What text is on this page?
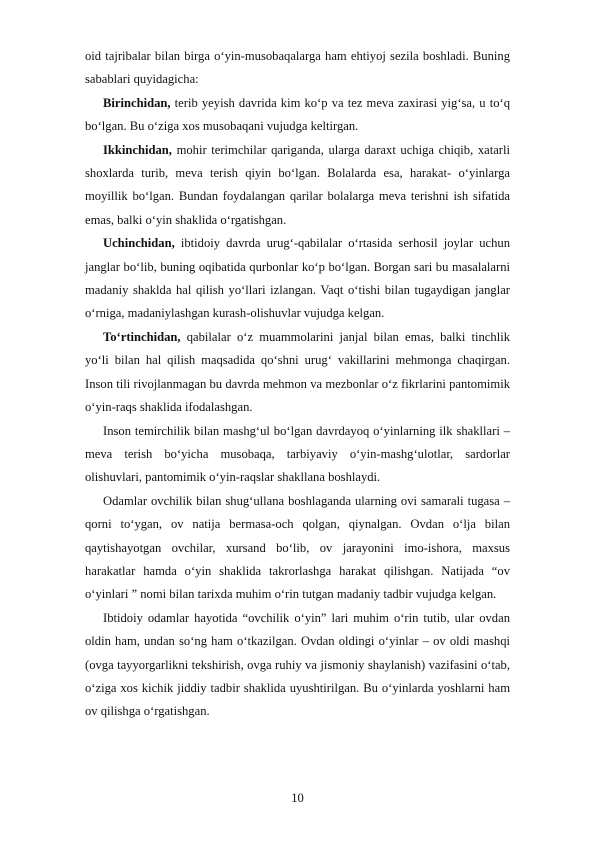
oid tajribalar bilan birga o‘yin-musobaqalarga ham ehtiyoj sezila boshladi. Buning sabablari quyidagicha:

Birinchidan, terib yeyish davrida kim ko‘p va tez meva zaxirasi yig‘sa, u to‘q bo‘lgan. Bu o‘ziga xos musobaqani vujudga keltirgan.

Ikkinchidan, mohir terimchilar qariganda, ularga daraxt uchiga chiqib, xatarli shoxlarda turib, meva terish qiyin bo‘lgan. Bolalarda esa, harakat- o‘yinlarga moyillik bo‘lgan. Bundan foydalangan qarilar bolalarga meva terishni ish sifatida emas, balki o‘yin shaklida o‘rgatishgan.

Uchinchidan, ibtidoiy davrda urug‘-qabilalar o‘rtasida serhosil joylar uchun janglar bo‘lib, buning oqibatida qurbonlar ko‘p bo‘lgan. Borgan sari bu masalalarni madaniy shaklda hal qilish yo‘llari izlangan. Vaqt o‘tishi bilan tugaydigan janglar o‘rniga, madaniylashgan kurash-olishuvlar vujudga kelgan.

To‘rtinchidan, qabilalar o‘z muammolarini janjal bilan emas, balki tinchlik yo‘li bilan hal qilish maqsadida qo‘shni urug‘ vakillarini mehmonga chaqirgan. Inson tili rivojlanmagan bu davrda mehmon va mezbonlar o‘z fikrlarini pantomimik o‘yin-raqs shaklida ifodalashgan.

Inson temirchilik bilan mashg‘ul bo‘lgan davrdayoq o‘yinlarning ilk shakllari – meva terish bo‘yicha musobaqa, tarbiyaviy o‘yin-mashg‘ulotlar, sardorlar olishuvlari, pantomimik o‘yin-raqslar shakllana boshlaydi.

Odamlar ovchilik bilan shug‘ullana boshlaganda ularning ovi samarali tugasa – qorni to‘ygan, ov natija bermasa-och qolgan, qiynalgan. Ovdan o‘lja bilan qaytishayotgan ovchilar, xursand bo‘lib, ov jarayonini imo-ishora, maxsus harakatlar hamda o‘yin shaklida takrorlashga harakat qilishgan. Natijada “ov o‘yinlari ” nomi bilan tarixda muhim o‘rin tutgan madaniy tadbir vujudga kelgan.

Ibtidoiy odamlar hayotida “ovchilik o‘yin” lari muhim o‘rin tutib, ular ovdan oldin ham, undan so‘ng ham o‘tkazilgan. Ovdan oldingi o‘yinlar – ov oldi mashqi (ovga tayyorgarlikni tekshirish, ovga ruhiy va jismoniy shaylanish) vazifasini o‘tab, o‘ziga xos kichik jiddiy tadbir shaklida uyushtirilgan. Bu o‘yinlarda yoshlarni ham ov qilishga o‘rgatishgan.

10
